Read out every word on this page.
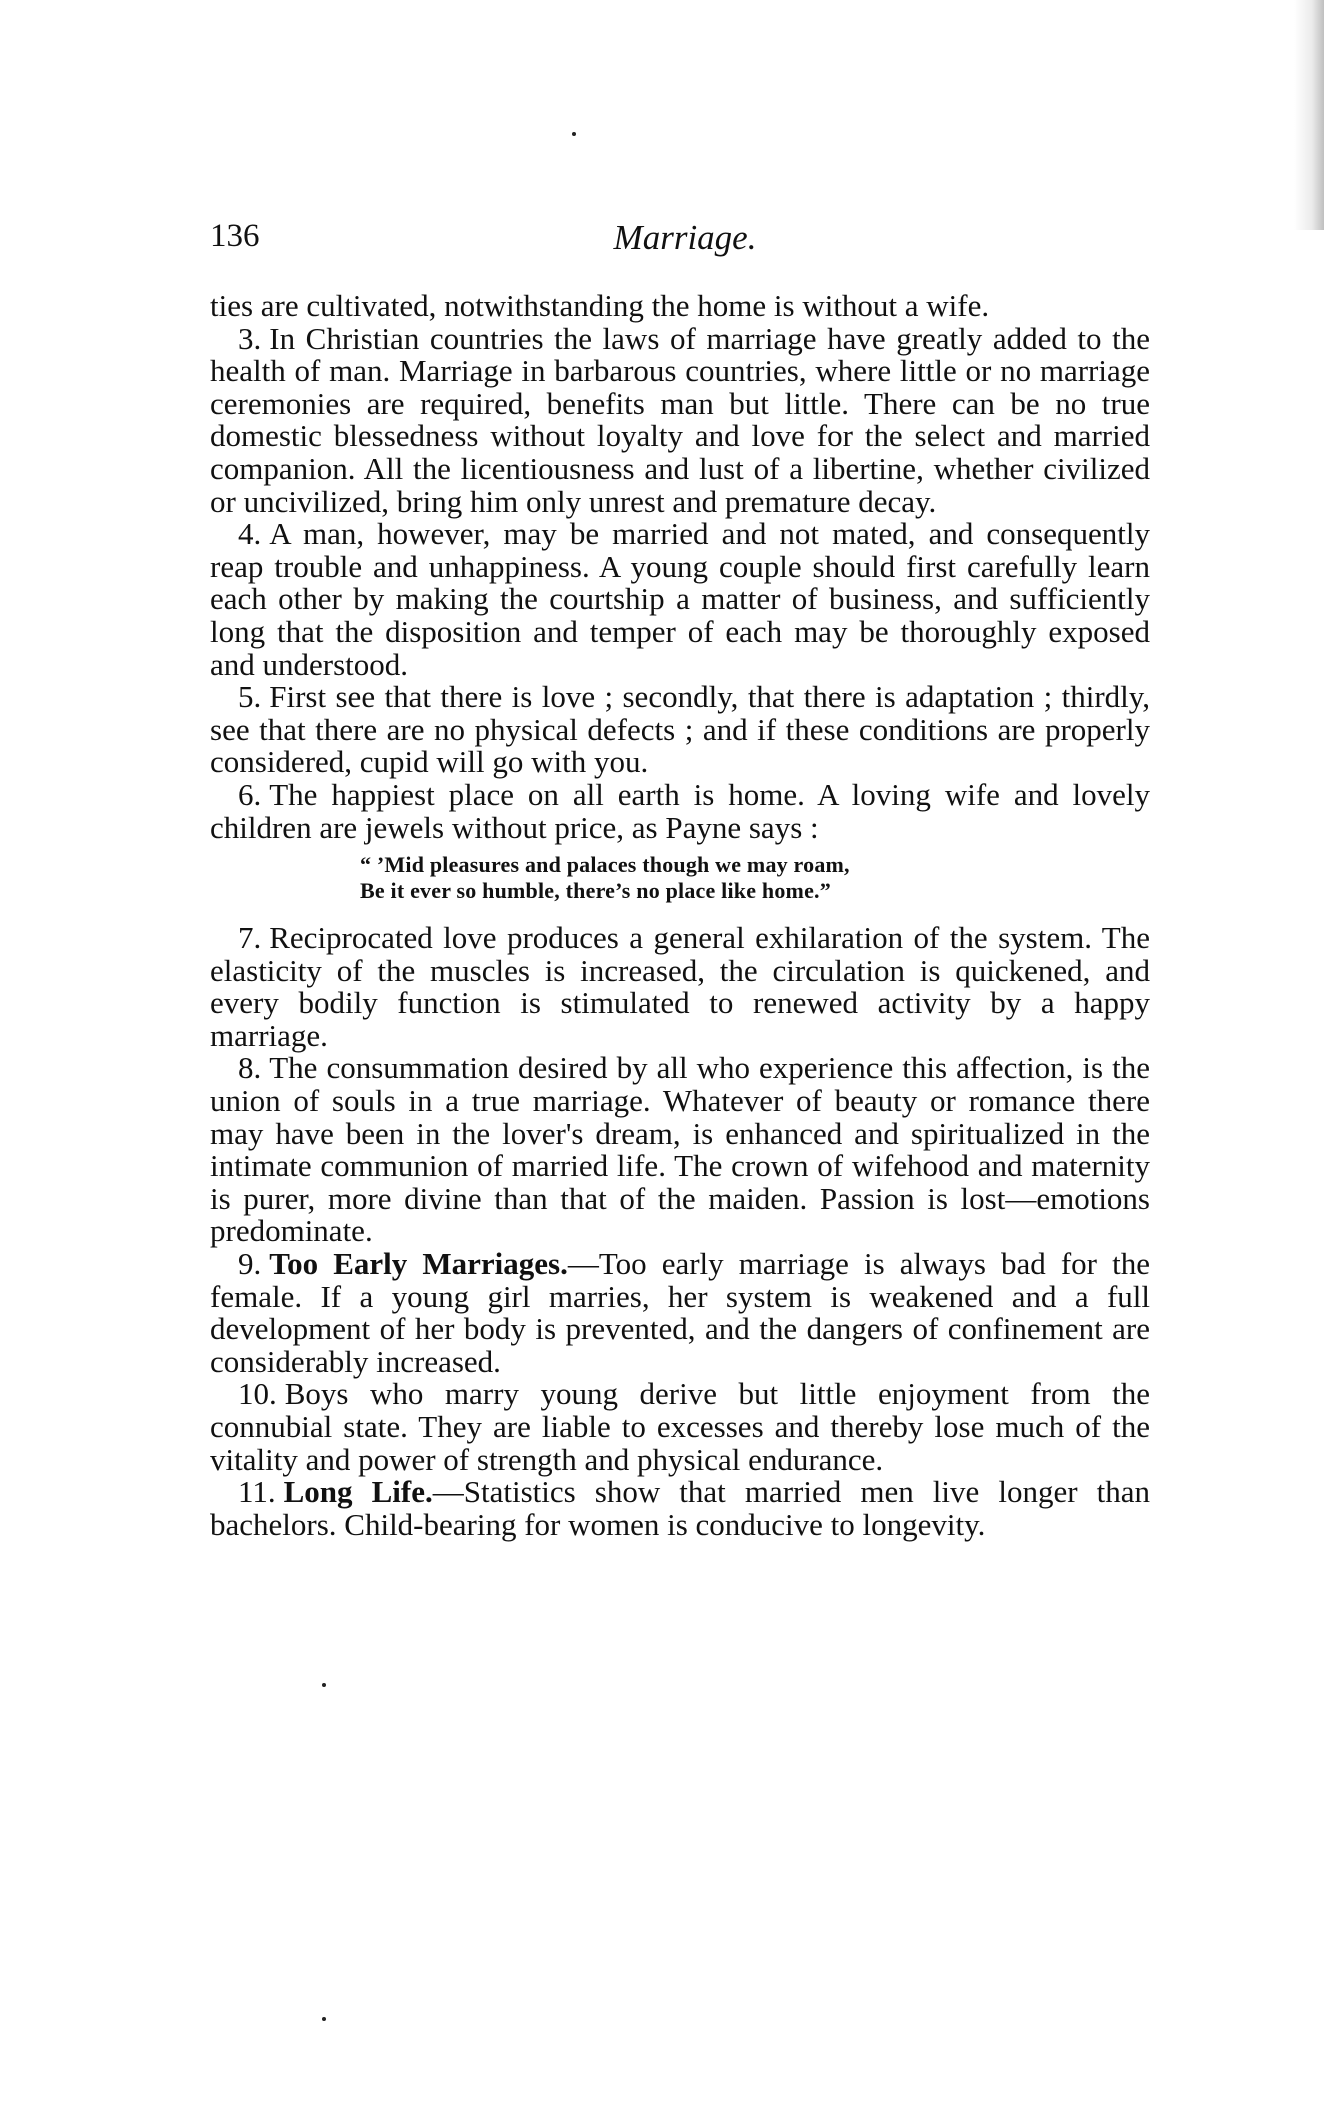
136	Marriage.

ties are cultivated, notwithstanding the home is without a wife.

3. In Christian countries the laws of marriage have greatly added to the health of man. Marriage in barbarous countries, where little or no marriage ceremonies are required, benefits man but little. There can be no true domestic blessedness without loyalty and love for the select and married companion. All the licentiousness and lust of a libertine, whether civilized or uncivilized, bring him only unrest and premature decay.

4. A man, however, may be married and not mated, and consequently reap trouble and unhappiness. A young couple should first carefully learn each other by making the courtship a matter of business, and sufficiently long that the disposition and temper of each may be thoroughly exposed and understood.

5. First see that there is love ; secondly, that there is adaptation ; thirdly, see that there are no physical defects ; and if these conditions are properly considered, cupid will go with you.

6. The happiest place on all earth is home. A loving wife and lovely children are jewels without price, as Payne says :

“ ’Mid pleasures and palaces though we may roam,
Be it ever so humble, there’s no place like home.”

7. Reciprocated love produces a general exhilaration of the system. The elasticity of the muscles is increased, the circulation is quickened, and every bodily function is stimulated to renewed activity by a happy marriage.

8. The consummation desired by all who experience this affection, is the union of souls in a true marriage. Whatever of beauty or romance there may have been in the lover's dream, is enhanced and spiritualized in the intimate communion of married life. The crown of wifehood and maternity is purer, more divine than that of the maiden. Passion is lost—emotions predominate.

9. Too Early Marriages.—Too early marriage is always bad for the female. If a young girl marries, her system is weakened and a full development of her body is prevented, and the dangers of confinement are considerably increased.

10. Boys who marry young derive but little enjoyment from the connubial state. They are liable to excesses and thereby lose much of the vitality and power of strength and physical endurance.

11. Long Life.—Statistics show that married men live longer than bachelors. Child-bearing for women is conducive to longevity.
